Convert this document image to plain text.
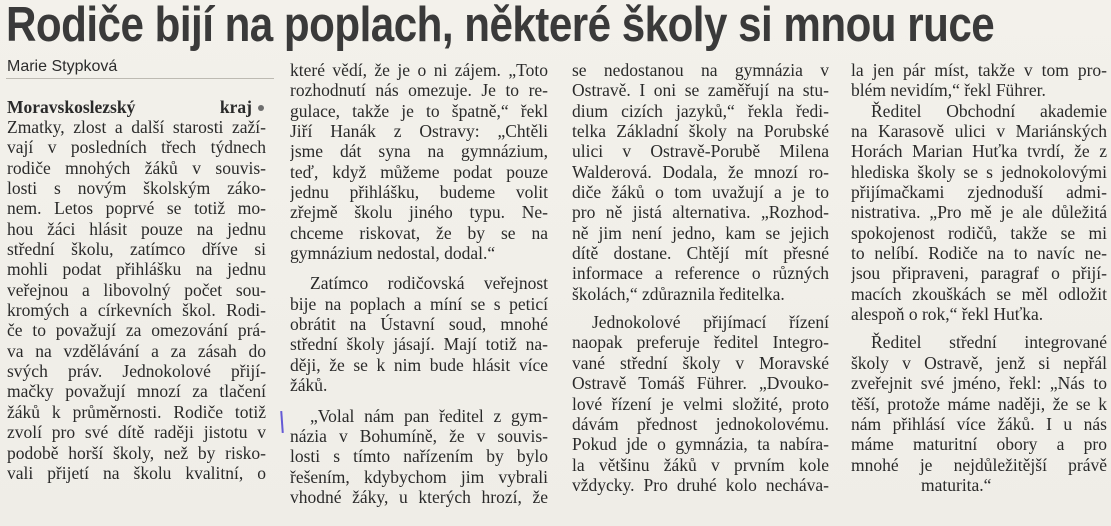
Rodiče bijí na poplach, některé školy si mnou ruce
Marie Stypková
Moravskoslezský kraj
Zmatky, zlost a další starosti zaží-
vají v posledních třech týdnech
rodiče mnohých žáků v souvis-
losti s novým školským záko-
nem. Letos poprvé se totiž mo-
hou žáci hlásit pouze na jednu
střední školu, zatímco dříve si
mohli podat přihlášku na jednu
veřejnou a libovolný počet sou-
kromých a církevních škol. Rodi-
če to považují za omezování prá-
va na vzdělávání a za zásah do
svých práv. Jednokolové přijí-
mačky považují mnozí za tlačení
žáků k průměrnosti. Rodiče totiž
zvolí pro své dítě raději jistotu v
podobě horší školy, než by risko-
vali přijetí na školu kvalitní, o
které vědí, že je o ni zájem. „Toto
rozhodnutí nás omezuje. Je to re-
gulace, takže je to špatně,“ řekl
Jiří Hanák z Ostravy: „Chtěli
jsme dát syna na gymnázium,
teď, když můžeme podat pouze
jednu přihlášku, budeme volit
zřejmě školu jiného typu. Ne-
chceme riskovat, že by se na
gymnázium nedostal, dodal.“
Zatímco rodičovská veřejnost
bije na poplach a míní se s peticí
obrátit na Ústavní soud, mnohé
střední školy jásají. Mají totiž na-
ději, že se k nim bude hlásit více
žáků.
„Volal nám pan ředitel z gym-
názia v Bohumíně, že v souvis-
losti s tímto nařízením by bylo
řešením, kdybychom jim vybrali
vhodné žáky, u kterých hrozí, že
se nedostanou na gymnázia v
Ostravě. I oni se zaměřují na stu-
dium cizích jazyků,“ řekla ředi-
telka Základní školy na Porubské
ulici v Ostravě-Porubě Milena
Walderová. Dodala, že mnozí ro-
diče žáků o tom uvažují a je to
pro ně jistá alternativa. „Rozhod-
ně jim není jedno, kam se jejich
dítě dostane. Chtějí mít přesné
informace a reference o různých
školách,“ zdůraznila ředitelka.
Jednokolové přijímací řízení
naopak preferuje ředitel Integro-
vané střední školy v Moravské
Ostravě Tomáš Führer. „Dvouko-
lové řízení je velmi složité, proto
dávám přednost jednokolovému.
Pokud jde o gymnázia, ta nabíra-
la většinu žáků v prvním kole
vždycky. Pro druhé kolo necháva-
la jen pár míst, takže v tom pro-
blém nevidím,“ řekl Führer.
Ředitel Obchodní akademie
na Karasově ulici v Mariánských
Horách Marian Huťka tvrdí, že z
hlediska školy se s jednokolovými
přijímačkami zjednoduší admi-
nistrativa. „Pro mě je ale důležitá
spokojenost rodičů, takže se mi
to nelíbí. Rodiče na to navíc ne-
jsou připraveni, paragraf o přijí-
macích zkouškách se měl odložit
alespoň o rok,“ řekl Huťka.
Ředitel střední integrované
školy v Ostravě, jenž si nepřál
zveřejnit své jméno, řekl: „Nás to
těší, protože máme naději, že se k
nám přihlásí více žáků. I u nás
máme maturitní obory a pro
mnohé je nejdůležitější právě
maturita.“
